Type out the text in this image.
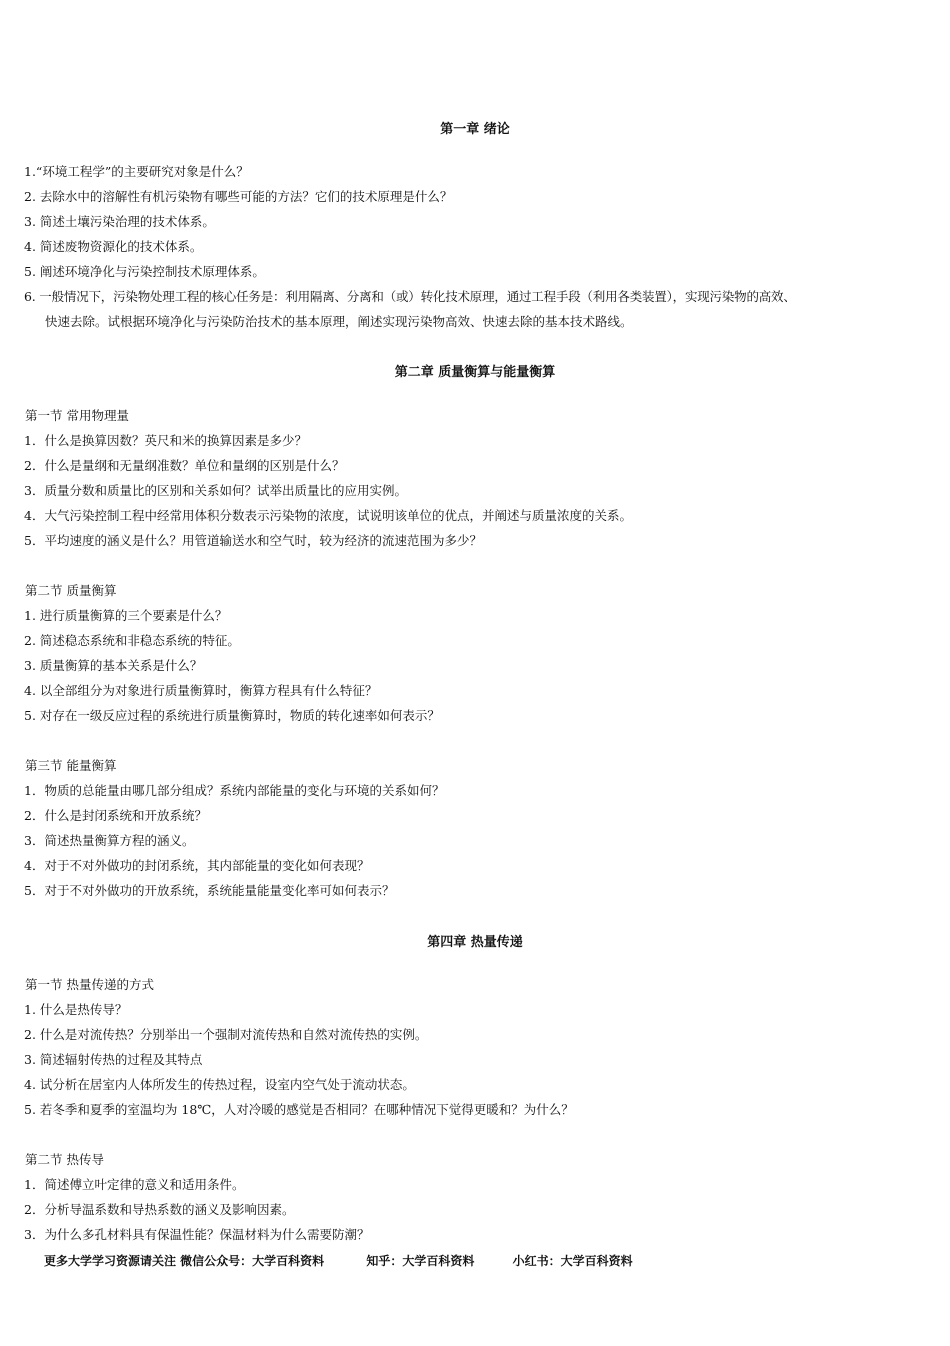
第一章 绪论
1.“环境工程学”的主要研究对象是什么？
2. 去除水中的溶解性有机污染物有哪些可能的方法？它们的技术原理是什么？
3. 简述土壤污染治理的技术体系。
4. 简述废物资源化的技术体系。
5. 阐述环境净化与污染控制技术原理体系。
6. 一般情况下，污染物处理工程的核心任务是：利用隔离、分离和（或）转化技术原理，通过工程手段（利用各类装置），实现污染物的高效、
快速去除。试根据环境净化与污染防治技术的基本原理，阐述实现污染物高效、快速去除的基本技术路线。
第二章 质量衡算与能量衡算
第一节 常用物理量
1．什么是换算因数？英尺和米的换算因素是多少？
2．什么是量纲和无量纲准数？单位和量纲的区别是什么？
3．质量分数和质量比的区别和关系如何？试举出质量比的应用实例。
4．大气污染控制工程中经常用体积分数表示污染物的浓度，试说明该单位的优点，并阐述与质量浓度的关系。
5．平均速度的涵义是什么？用管道输送水和空气时，较为经济的流速范围为多少？
第二节 质量衡算
1. 进行质量衡算的三个要素是什么？
2. 简述稳态系统和非稳态系统的特征。
3. 质量衡算的基本关系是什么？
4. 以全部组分为对象进行质量衡算时，衡算方程具有什么特征？
5. 对存在一级反应过程的系统进行质量衡算时，物质的转化速率如何表示？
第三节 能量衡算
1．物质的总能量由哪几部分组成？系统内部能量的变化与环境的关系如何？
2．什么是封闭系统和开放系统？
3．简述热量衡算方程的涵义。
4．对于不对外做功的封闭系统，其内部能量的变化如何表现？
5．对于不对外做功的开放系统，系统能量能量变化率可如何表示？
第四章 热量传递
第一节 热量传递的方式
1. 什么是热传导？
2. 什么是对流传热？分别举出一个强制对流传热和自然对流传热的实例。
3. 简述辐射传热的过程及其特点
4. 试分析在居室内人体所发生的传热过程，设室内空气处于流动状态。
5. 若冬季和夏季的室温均为 18℃，人对冷暖的感觉是否相同？在哪种情况下觉得更暖和？为什么？
第二节 热传导
1．简述傅立叶定律的意义和适用条件。
2．分析导温系数和导热系数的涵义及影响因素。
3．为什么多孔材料具有保温性能？保温材料为什么需要防潮？
更多大学学习资源请关注 微信公众号：大学百科资料	知乎：大学百科资料	小红书：大学百科资料
